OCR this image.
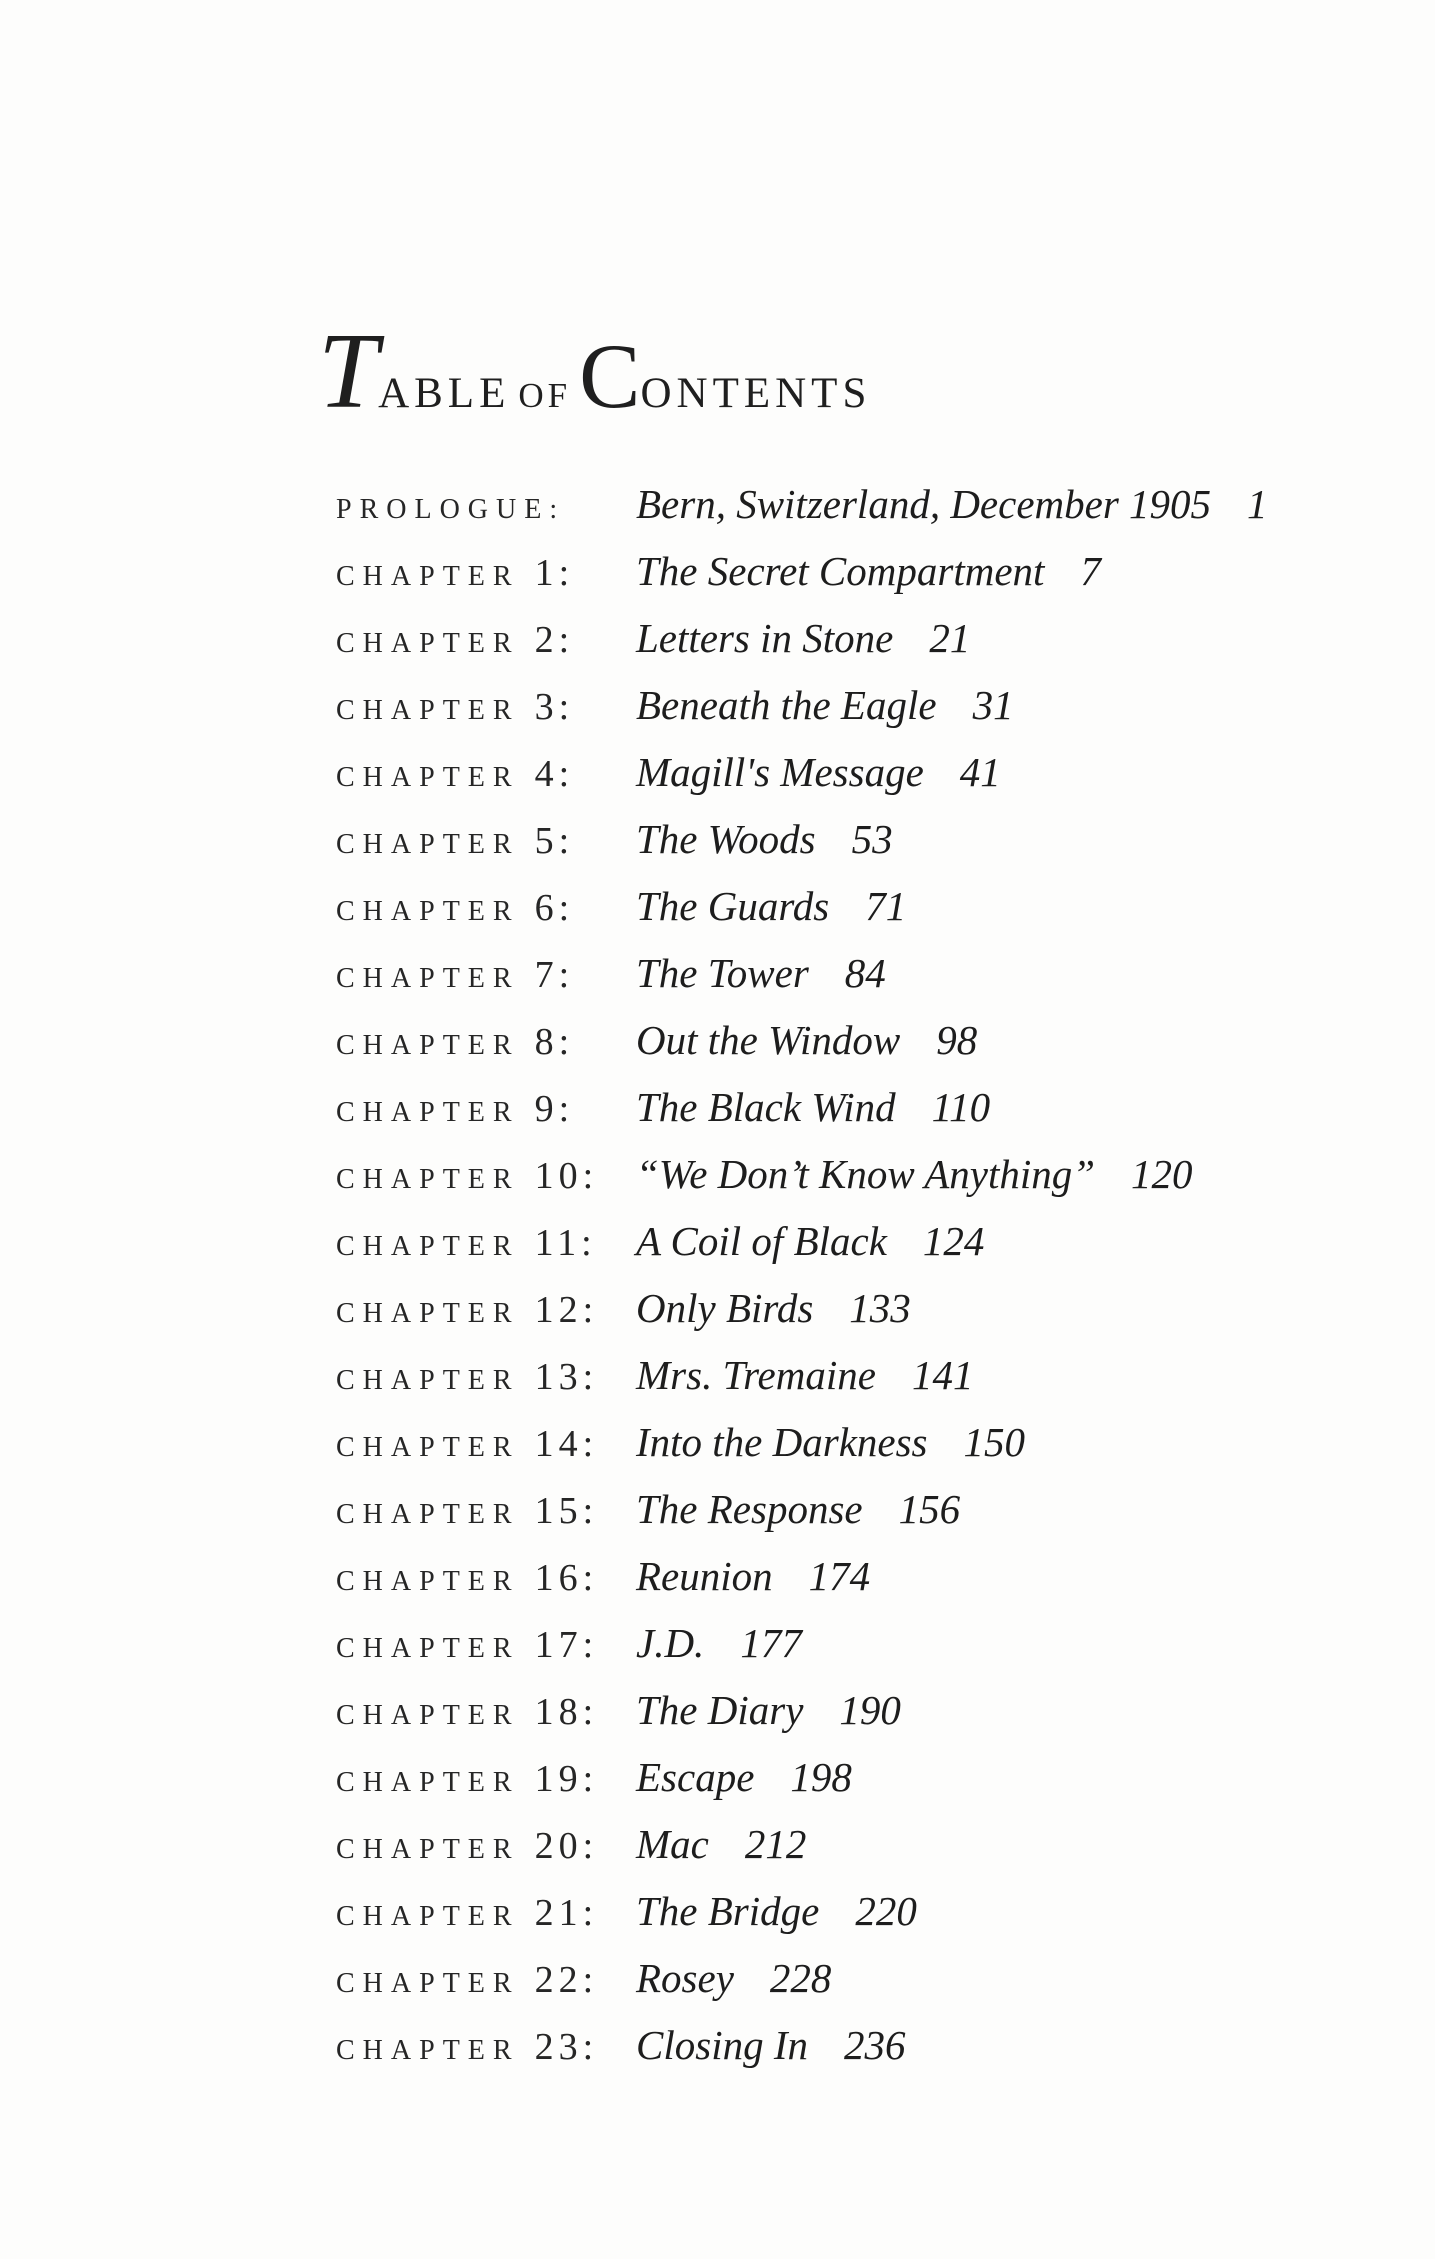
Table of Contents
PROLOGUE:	Bern, Switzerland, December 1905 1
CHAPTER 1:	The Secret Compartment 7
CHAPTER 2:	Letters in Stone 21
CHAPTER 3:	Beneath the Eagle 31
CHAPTER 4:	Magill's Message 41
CHAPTER 5:	The Woods 53
CHAPTER 6:	The Guards 71
CHAPTER 7:	The Tower 84
CHAPTER 8:	Out the Window 98
CHAPTER 9:	The Black Wind 110
CHAPTER 10: “We Don’t Know Anything” 120
CHAPTER 11: A Coil of Black 124
CHAPTER 12: Only Birds 133
CHAPTER 13: Mrs. Tremaine 141
CHAPTER 14: Into the Darkness 150
CHAPTER 15: The Response 156
CHAPTER 16: Reunion 174
CHAPTER 17: J.D. 177
CHAPTER 18: The Diary 190
CHAPTER 19: Escape 198
CHAPTER 20: Mac 212
CHAPTER 21: The Bridge 220
CHAPTER 22: Rosey 228
CHAPTER 23: Closing In 236
